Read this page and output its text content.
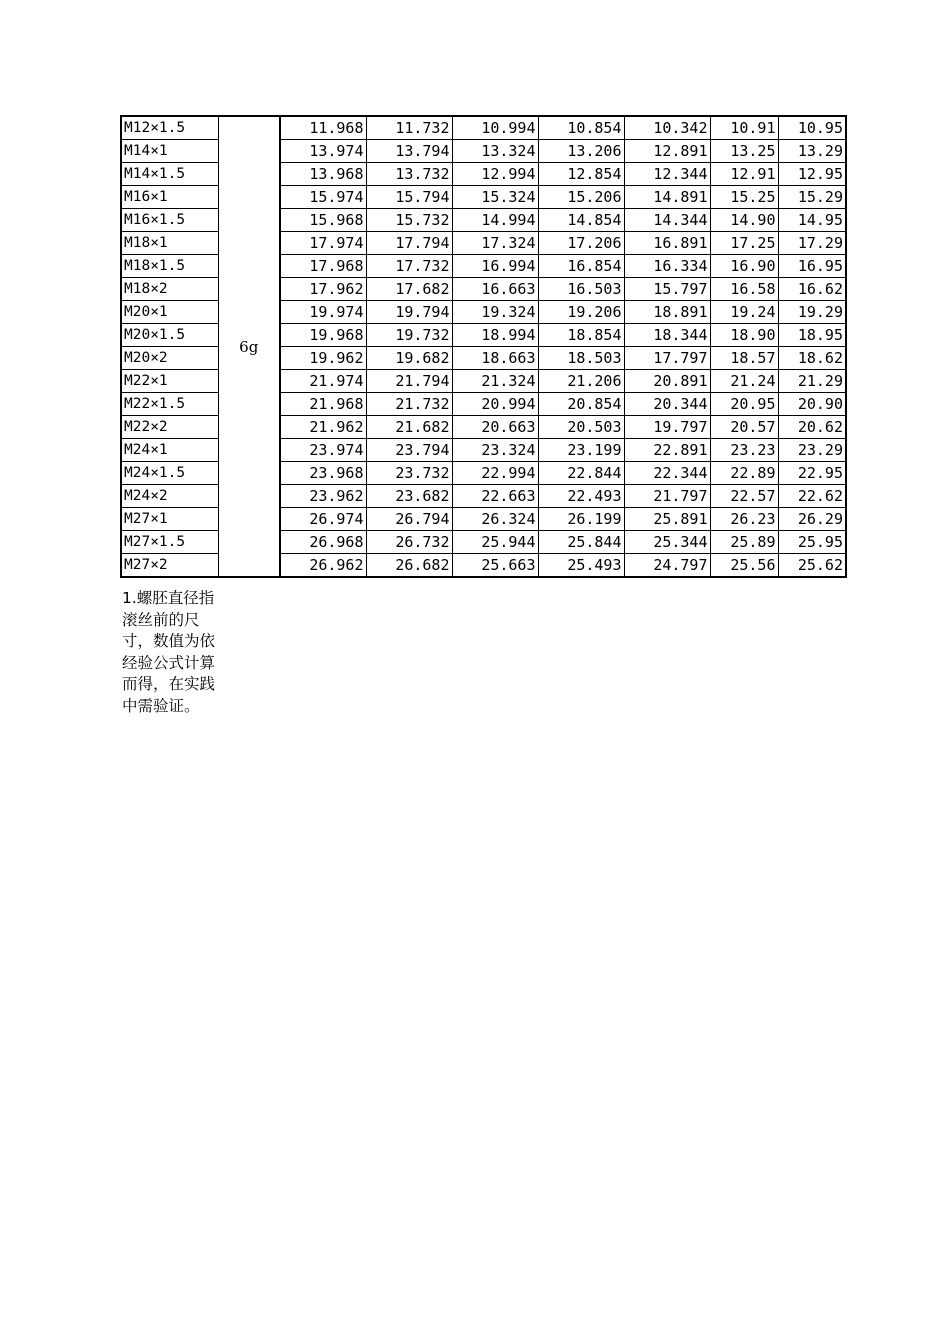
M12×1.5	6g	11.968	11.732	10.994	10.854	10.342	10.91	10.95
M14×1		13.974	13.794	13.324	13.206	12.891	13.25	13.29
M14×1.5		13.968	13.732	12.994	12.854	12.344	12.91	12.95
M16×1		15.974	15.794	15.324	15.206	14.891	15.25	15.29
M16×1.5		15.968	15.732	14.994	14.854	14.344	14.90	14.95
M18×1		17.974	17.794	17.324	17.206	16.891	17.25	17.29
M18×1.5		17.968	17.732	16.994	16.854	16.334	16.90	16.95
M18×2		17.962	17.682	16.663	16.503	15.797	16.58	16.62
M20×1		19.974	19.794	19.324	19.206	18.891	19.24	19.29
M20×1.5		19.968	19.732	18.994	18.854	18.344	18.90	18.95
M20×2		19.962	19.682	18.663	18.503	17.797	18.57	18.62
M22×1		21.974	21.794	21.324	21.206	20.891	21.24	21.29
M22×1.5		21.968	21.732	20.994	20.854	20.344	20.95	20.90
M22×2		21.962	21.682	20.663	20.503	19.797	20.57	20.62
M24×1		23.974	23.794	23.324	23.199	22.891	23.23	23.29
M24×1.5		23.968	23.732	22.994	22.844	22.344	22.89	22.95
M24×2		23.962	23.682	22.663	22.493	21.797	22.57	22.62
M27×1		26.974	26.794	26.324	26.199	25.891	26.23	26.29
M27×1.5		26.968	26.732	25.944	25.844	25.344	25.89	25.95
M27×2		26.962	26.682	25.663	25.493	24.797	25.56	25.62
1.螺胚直径指滚丝前的尺寸，数值为依经验公式计算而得，在实践中需验证。
